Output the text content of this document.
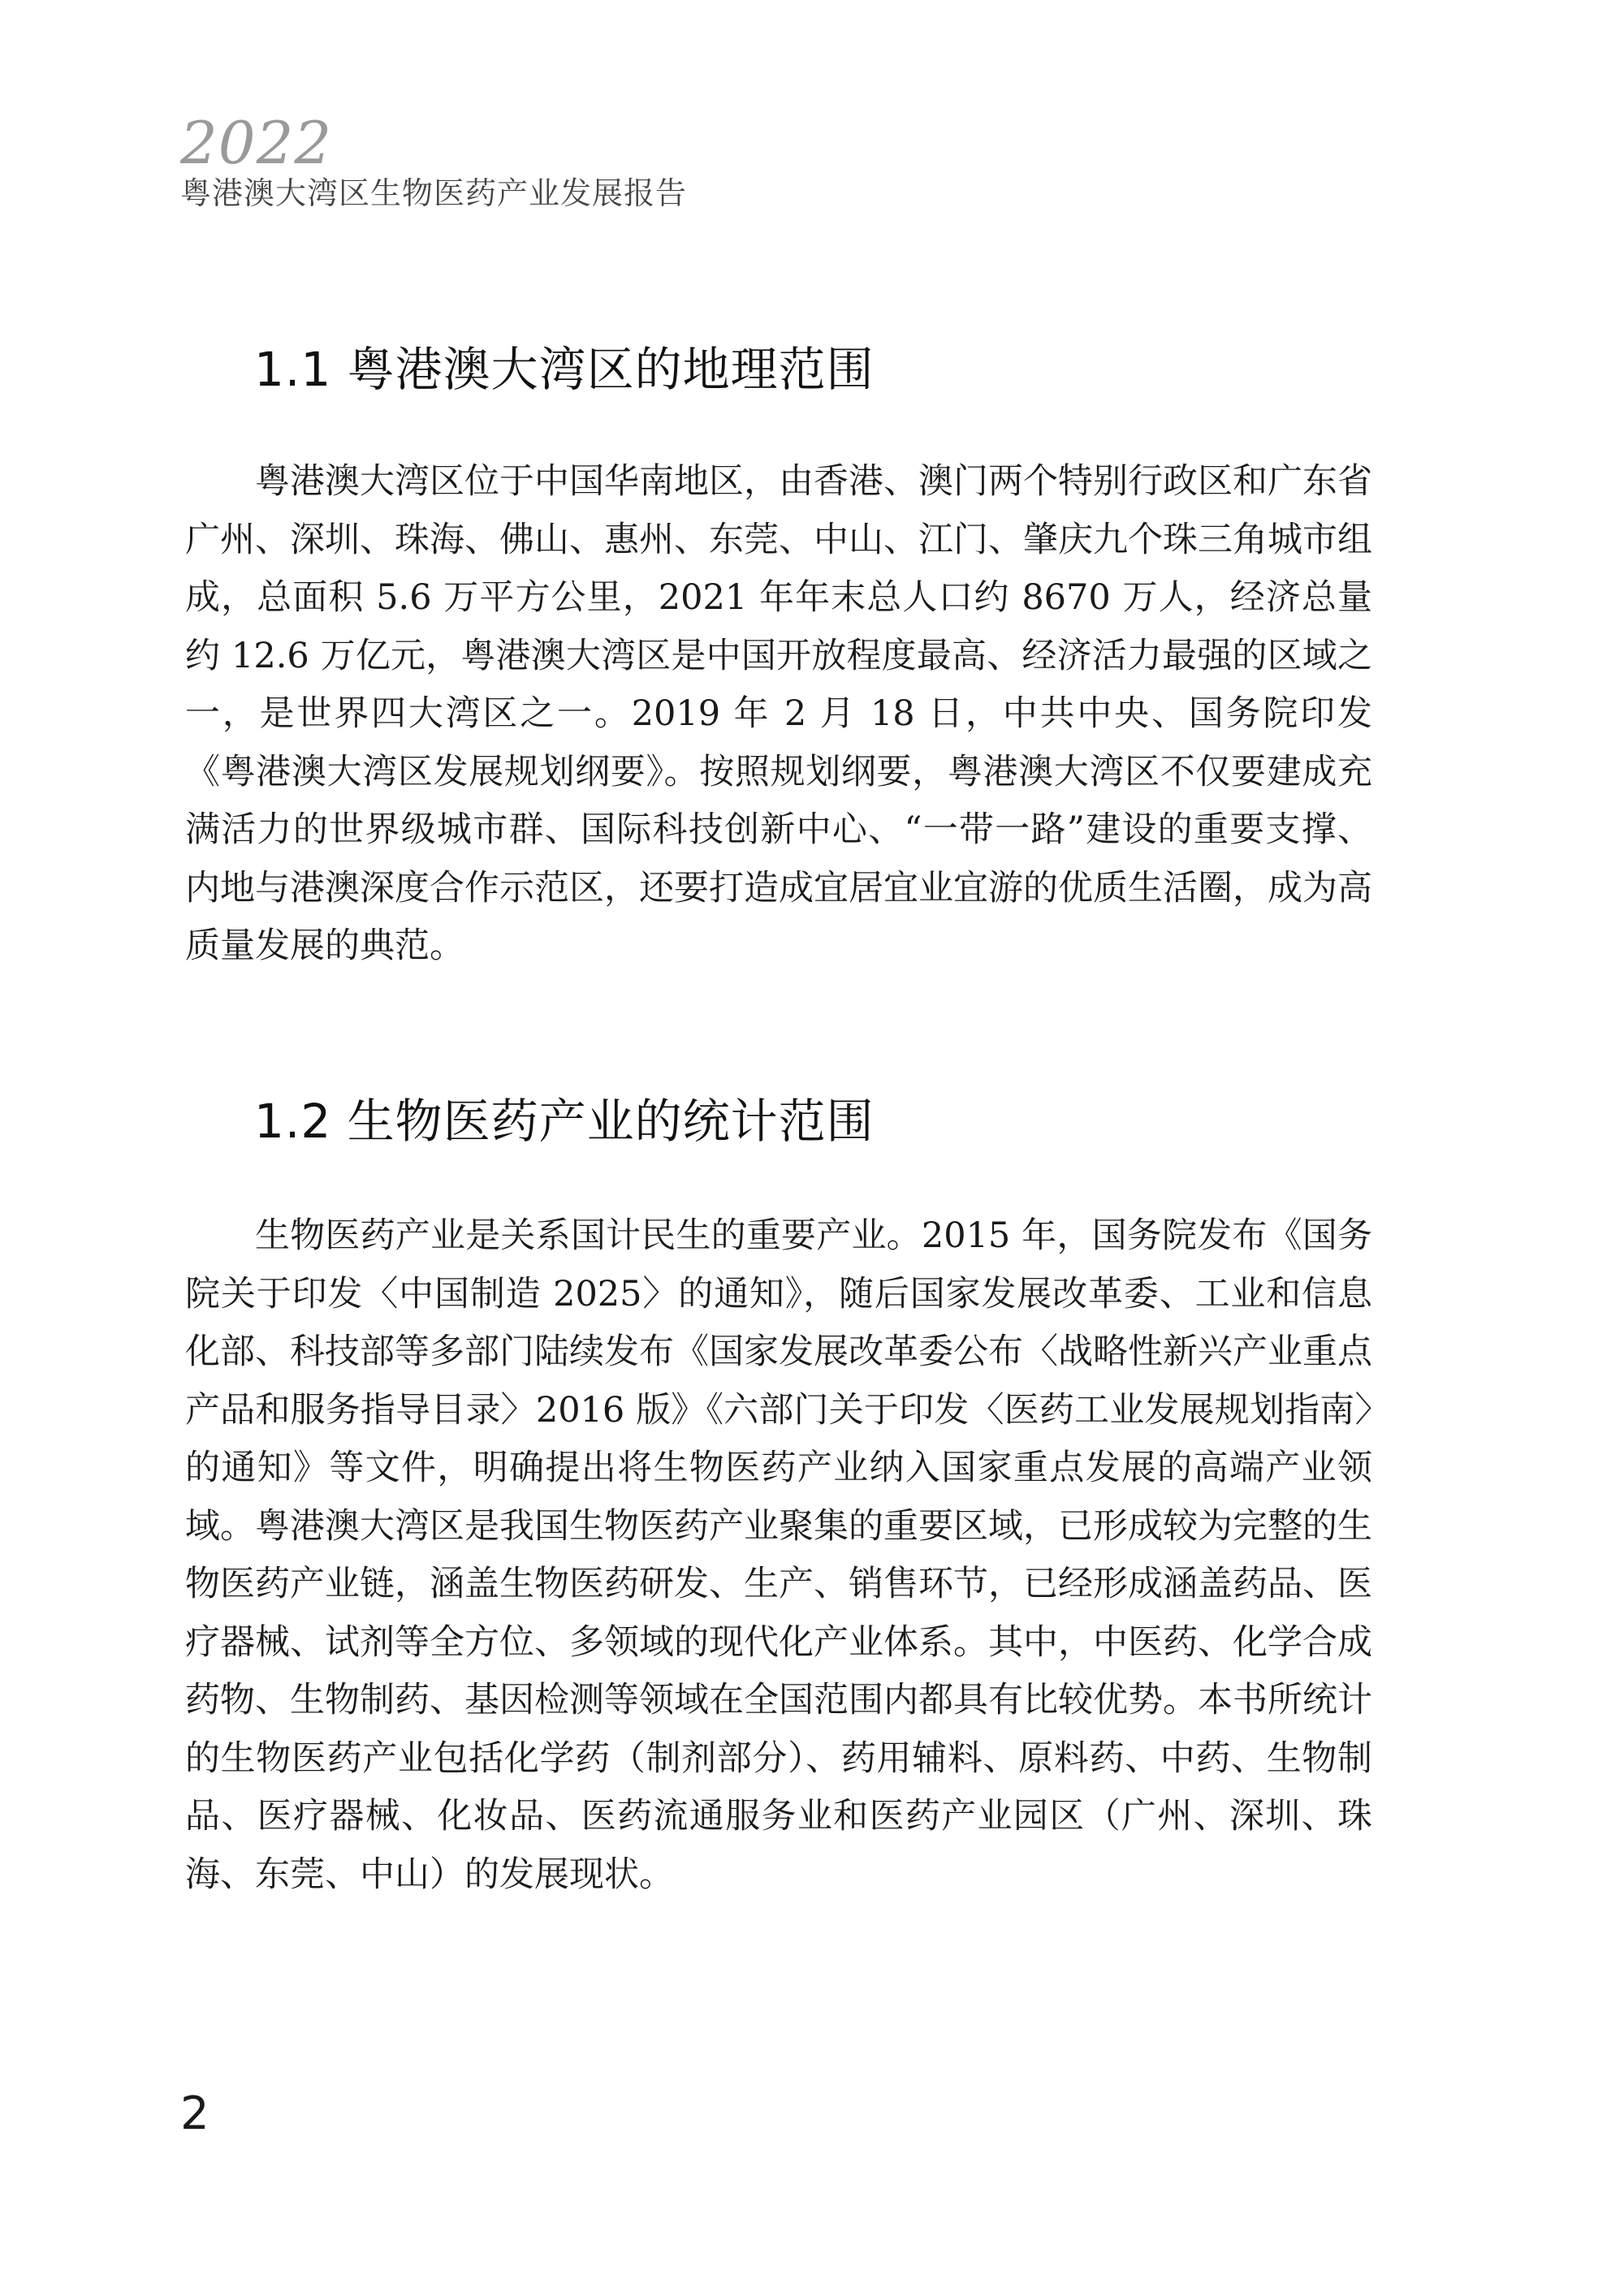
2022
粤港澳大湾区生物医药产业发展报告
1.1 粤港澳大湾区的地理范围

粤港澳大湾区位于中国华南地区，由香港、澳门两个特别行政区和广东省广州、深圳、珠海、佛山、惠州、东莞、中山、江门、肇庆九个珠三角城市组成，总面积 5.6 万平方公里，2021 年年末总人口约 8670 万人，经济总量约 12.6 万亿元，粤港澳大湾区是中国开放程度最高、经济活力最强的区域之一，是世界四大湾区之一。2019 年 2 月 18 日，中共中央、国务院印发《粤港澳大湾区发展规划纲要》。按照规划纲要，粤港澳大湾区不仅要建成充满活力的世界级城市群、国际科技创新中心、“一带一路”建设的重要支撑、内地与港澳深度合作示范区，还要打造成宜居宜业宜游的优质生活圈，成为高质量发展的典范。

1.2 生物医药产业的统计范围

生物医药产业是关系国计民生的重要产业。2015 年，国务院发布《国务院关于印发〈中国制造 2025〉的通知》，随后国家发展改革委、工业和信息化部、科技部等多部门陆续发布《国家发展改革委公布〈战略性新兴产业重点产品和服务指导目录〉2016 版》《六部门关于印发〈医药工业发展规划指南〉的通知》等文件，明确提出将生物医药产业纳入国家重点发展的高端产业领域。粤港澳大湾区是我国生物医药产业聚集的重要区域，已形成较为完整的生物医药产业链，涵盖生物医药研发、生产、销售环节，已经形成涵盖药品、医疗器械、试剂等全方位、多领域的现代化产业体系。其中，中医药、化学合成药物、生物制药、基因检测等领域在全国范围内都具有比较优势。本书所统计的生物医药产业包括化学药（制剂部分）、药用辅料、原料药、中药、生物制品、医疗器械、化妆品、医药流通服务业和医药产业园区（广州、深圳、珠海、东莞、中山）的发展现状。

2
